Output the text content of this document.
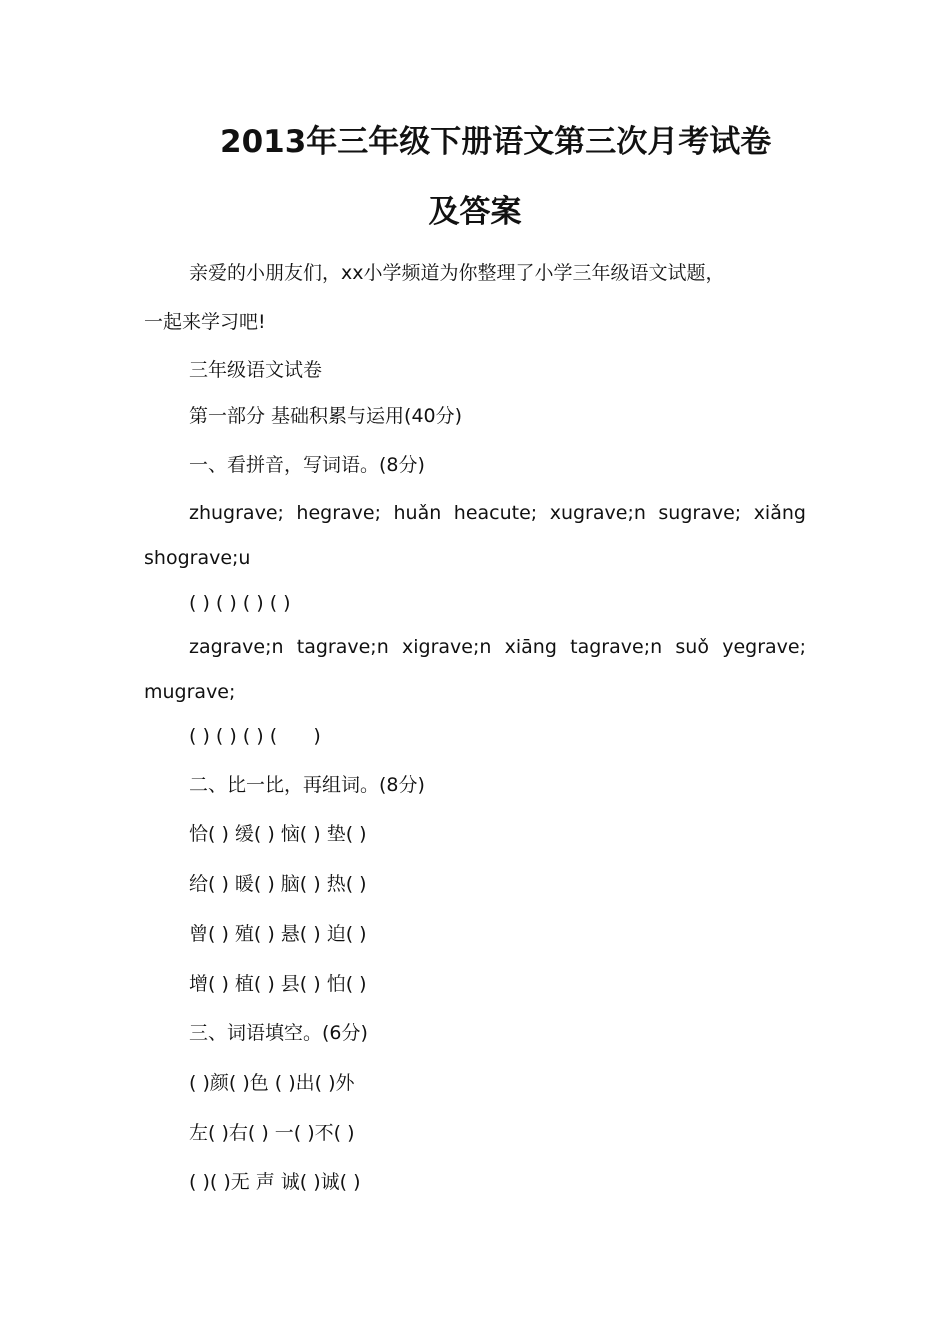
2013年三年级下册语文第三次月考试卷
及答案
亲爱的小朋友们，xx小学频道为你整理了小学三年级语文试题，
一起来学习吧!
三年级语文试卷
第一部分 基础积累与运用(40分)
一、看拼音，写词语。(8分)
zhugrave; hegrave; huǎn heacute; xugrave;n sugrave; xiǎng
shograve;u
( ) ( ) ( ) ( )
zagrave;n tagrave;n xigrave;n xiāng tagrave;n suǒ yegrave;
mugrave;
( ) ( ) ( ) (      )
二、比一比，再组词。(8分)
恰( ) 缓( ) 恼( ) 垫( )
给( ) 暖( ) 脑( ) 热( )
曾( ) 殖( ) 悬( ) 迫( )
增( ) 植( ) 县( ) 怕( )
三、词语填空。(6分)
( )颜( )色 ( )出( )外
左( )右( ) 一( )不( )
( )( )无 声 诚( )诚( )
